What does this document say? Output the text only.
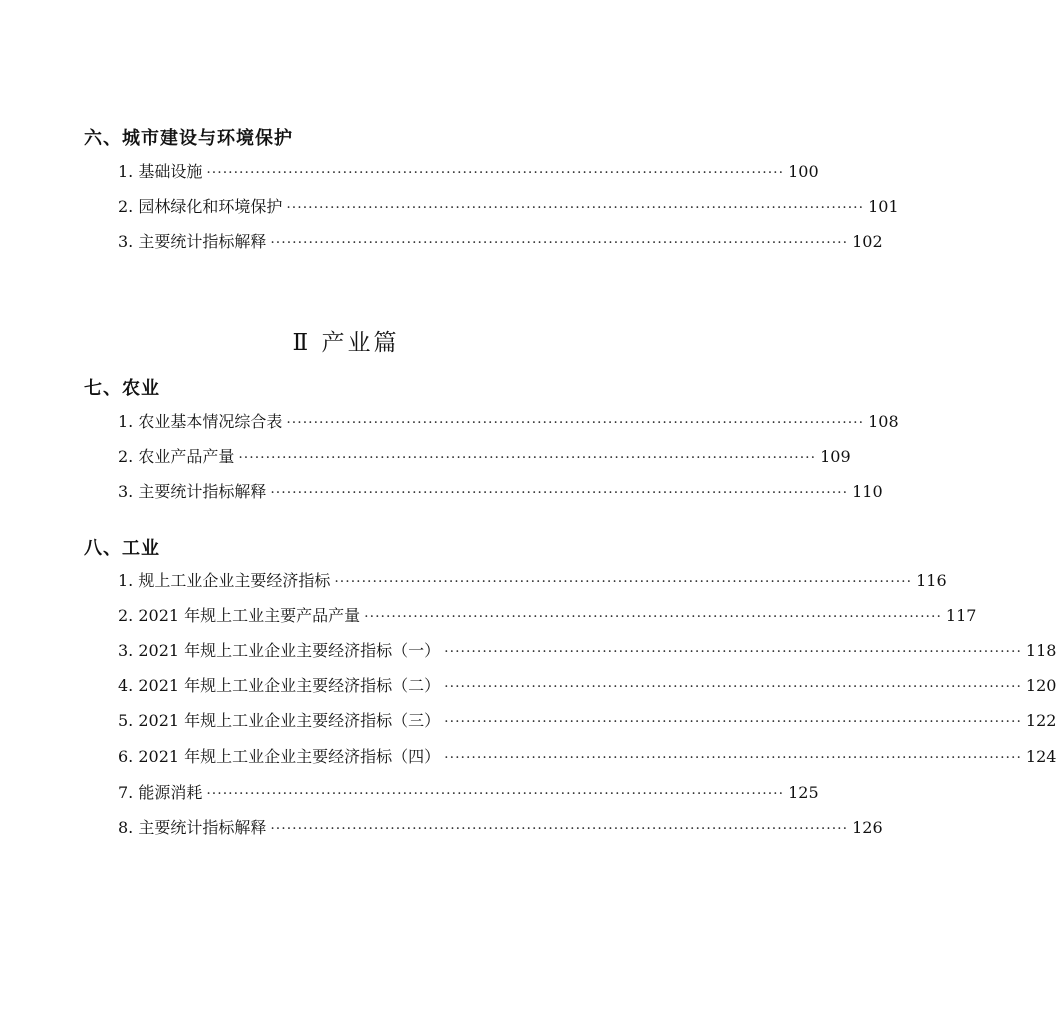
六、城市建设与环境保护
1. 基础设施 ·········································································································· 100
2. 园林绿化和环境保护 ·········································································································· 101
3. 主要统计指标解释 ·········································································································· 102
Ⅱ 产业篇
七、农业
1. 农业基本情况综合表 ·········································································································· 108
2. 农业产品产量 ·········································································································· 109
3. 主要统计指标解释 ·········································································································· 110
八、工业
1. 规上工业企业主要经济指标 ·········································································································· 116
2. 2021 年规上工业主要产品产量 ·········································································································· 117
3. 2021 年规上工业企业主要经济指标（一） ·········································································································· 118
4. 2021 年规上工业企业主要经济指标（二） ·········································································································· 120
5. 2021 年规上工业企业主要经济指标（三） ·········································································································· 122
6. 2021 年规上工业企业主要经济指标（四） ·········································································································· 124
7. 能源消耗 ·········································································································· 125
8. 主要统计指标解释 ·········································································································· 126
